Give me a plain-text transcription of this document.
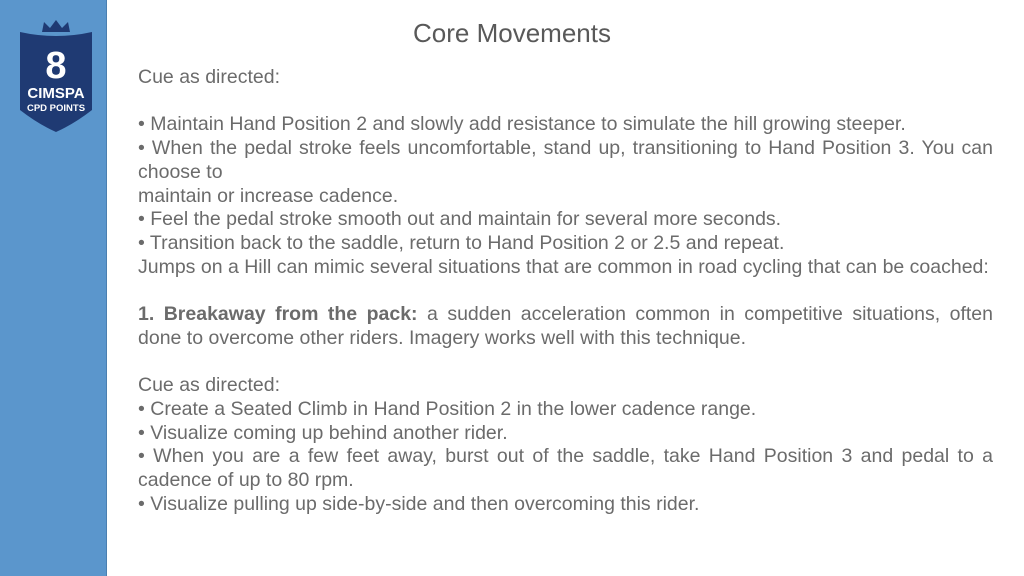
8
CIMSPA
CPD POINTS
Core Movements

Cue as directed:

• Maintain Hand Position 2 and slowly add resistance to simulate the hill growing steeper.

• When the pedal stroke feels uncomfortable, stand up, transitioning to Hand Position 3. You can choose to

maintain or increase cadence.

• Feel the pedal stroke smooth out and maintain for several more seconds.

• Transition back to the saddle, return to Hand Position 2 or 2.5 and repeat.

Jumps on a Hill can mimic several situations that are common in road cycling that can be coached:

1. Breakaway from the pack: a sudden acceleration common in competitive situations, often done to overcome other riders. Imagery works well with this technique.

Cue as directed:

• Create a Seated Climb in Hand Position 2 in the lower cadence range.

• Visualize coming up behind another rider.

• When you are a few feet away, burst out of the saddle, take Hand Position 3 and pedal to a cadence of up to 80 rpm.

• Visualize pulling up side-by-side and then overcoming this rider.
